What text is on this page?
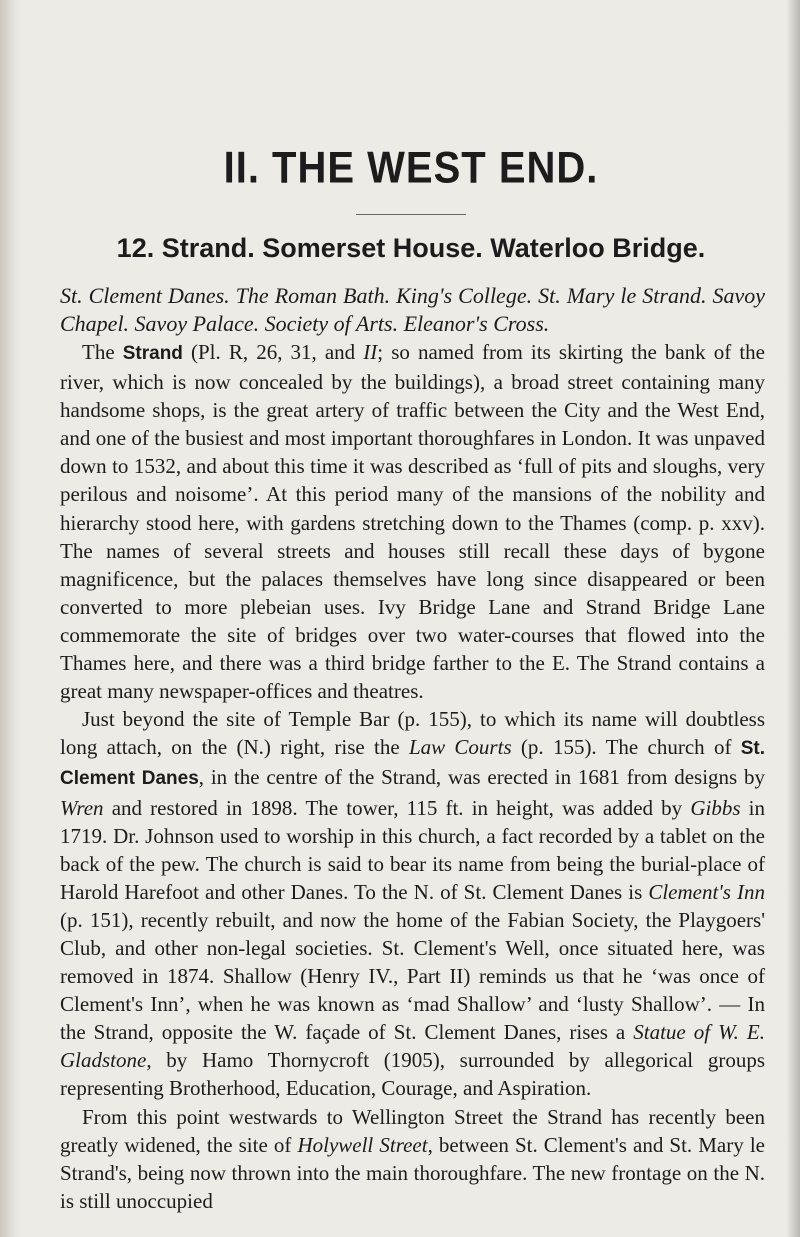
II. THE WEST END.
12. Strand. Somerset House. Waterloo Bridge.
St. Clement Danes. The Roman Bath. King's College. St. Mary le Strand. Savoy Chapel. Savoy Palace. Society of Arts. Eleanor's Cross.

The Strand (Pl. R, 26, 31, and II; so named from its skirting the bank of the river, which is now concealed by the buildings), a broad street containing many handsome shops, is the great artery of traffic between the City and the West End, and one of the busiest and most important thoroughfares in London. It was unpaved down to 1532, and about this time it was described as ‘full of pits and sloughs, very perilous and noisome’. At this period many of the mansions of the nobility and hierarchy stood here, with gardens stretching down to the Thames (comp. p. xxv). The names of several streets and houses still recall these days of bygone magnificence, but the palaces themselves have long since disappeared or been converted to more plebeian uses. Ivy Bridge Lane and Strand Bridge Lane commemorate the site of bridges over two water-courses that flowed into the Thames here, and there was a third bridge farther to the E. The Strand contains a great many newspaper-offices and theatres.

Just beyond the site of Temple Bar (p. 155), to which its name will doubtless long attach, on the (N.) right, rise the Law Courts (p. 155). The church of St. Clement Danes, in the centre of the Strand, was erected in 1681 from designs by Wren and restored in 1898. The tower, 115 ft. in height, was added by Gibbs in 1719. Dr. Johnson used to worship in this church, a fact recorded by a tablet on the back of the pew. The church is said to bear its name from being the burial-place of Harold Harefoot and other Danes. To the N. of St. Clement Danes is Clement's Inn (p. 151), recently rebuilt, and now the home of the Fabian Society, the Playgoers' Club, and other non-legal societies. St. Clement's Well, once situated here, was removed in 1874. Shallow (Henry IV., Part II) reminds us that he ‘was once of Clement's Inn’, when he was known as ‘mad Shallow’ and ‘lusty Shallow’. — In the Strand, opposite the W. façade of St. Clement Danes, rises a Statue of W. E. Gladstone, by Hamo Thornycroft (1905), surrounded by allegorical groups representing Brotherhood, Education, Courage, and Aspiration.

From this point westwards to Wellington Street the Strand has recently been greatly widened, the site of Holywell Street, between St. Clement's and St. Mary le Strand's, being now thrown into the main thoroughfare. The new frontage on the N. is still unoccupied
